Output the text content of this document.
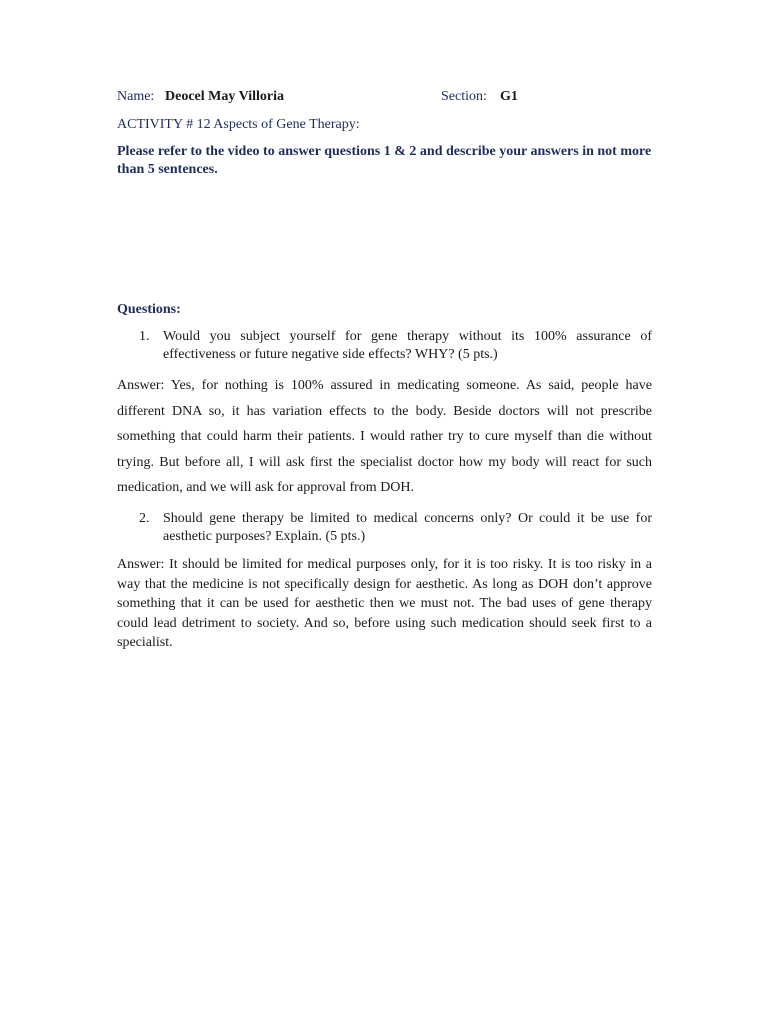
Name: Deocel May Villoria	Section: G1
ACTIVITY # 12 Aspects of Gene Therapy:
Please refer to the video to answer questions 1 & 2 and describe your answers in not more than 5 sentences.
Questions:
1. Would you subject yourself for gene therapy without its 100% assurance of effectiveness or future negative side effects? WHY? (5 pts.)
Answer: Yes, for nothing is 100% assured in medicating someone. As said, people have different DNA so, it has variation effects to the body. Beside doctors will not prescribe something that could harm their patients. I would rather try to cure myself than die without trying. But before all, I will ask first the specialist doctor how my body will react for such medication, and we will ask for approval from DOH.
2. Should gene therapy be limited to medical concerns only? Or could it be use for aesthetic purposes? Explain. (5 pts.)
Answer: It should be limited for medical purposes only, for it is too risky. It is too risky in a way that the medicine is not specifically design for aesthetic. As long as DOH don’t approve something that it can be used for aesthetic then we must not. The bad uses of gene therapy could lead detriment to society. And so, before using such medication should seek first to a specialist.
